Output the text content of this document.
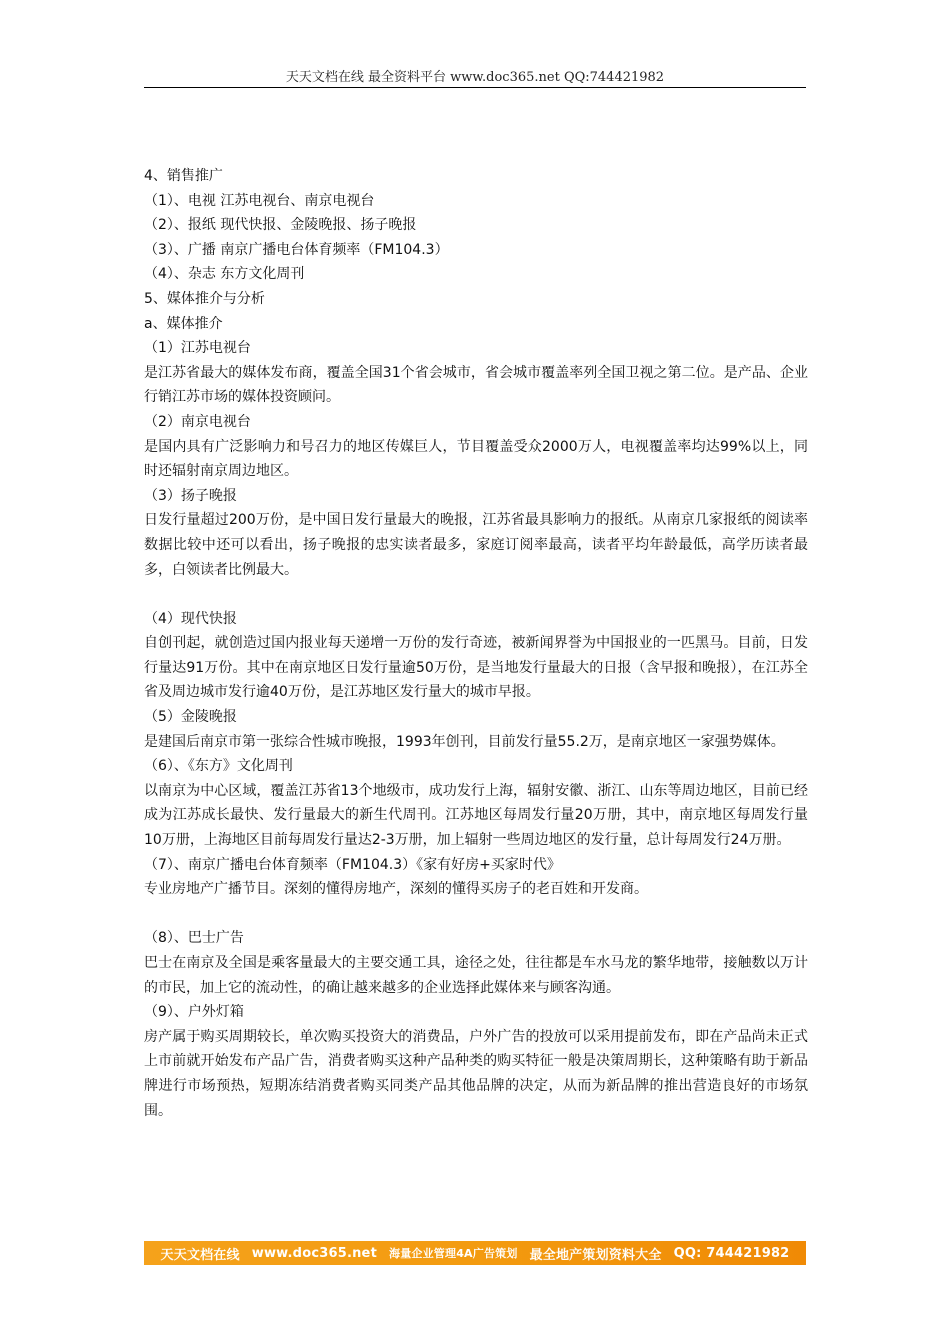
天天文档在线 最全资料平台 www.doc365.net QQ:744421982

4、销售推广

（1）、电视 江苏电视台、南京电视台

（2）、报纸 现代快报、金陵晚报、扬子晚报

（3）、广播 南京广播电台体育频率（FM104.3）

（4）、杂志 东方文化周刊

5、媒体推介与分析

a、媒体推介

（1）江苏电视台

是江苏省最大的媒体发布商，覆盖全国31个省会城市，省会城市覆盖率列全国卫视之第二位。是产品、企业行销江苏市场的媒体投资顾问。

（2）南京电视台

是国内具有广泛影响力和号召力的地区传媒巨人，节目覆盖受众2000万人，电视覆盖率均达99%以上，同时还辐射南京周边地区。

（3）扬子晚报

日发行量超过200万份，是中国日发行量最大的晚报，江苏省最具影响力的报纸。从南京几家报纸的阅读率数据比较中还可以看出，扬子晚报的忠实读者最多，家庭订阅率最高，读者平均年龄最低，高学历读者最多，白领读者比例最大。

（4）现代快报

自创刊起，就创造过国内报业每天递增一万份的发行奇迹，被新闻界誉为中国报业的一匹黑马。目前，日发行量达91万份。其中在南京地区日发行量逾50万份，是当地发行量最大的日报（含早报和晚报），在江苏全省及周边城市发行逾40万份，是江苏地区发行量大的城市早报。

（5）金陵晚报

是建国后南京市第一张综合性城市晚报，1993年创刊，目前发行量55.2万，是南京地区一家强势媒体。

（6）、《东方》文化周刊

以南京为中心区域，覆盖江苏省13个地级市，成功发行上海，辐射安徽、浙江、山东等周边地区，目前已经成为江苏成长最快、发行量最大的新生代周刊。江苏地区每周发行量20万册，其中，南京地区每周发行量10万册，上海地区目前每周发行量达2-3万册，加上辐射一些周边地区的发行量，总计每周发行24万册。

（7）、南京广播电台体育频率（FM104.3）《家有好房+买家时代》

专业房地产广播节目。深刻的懂得房地产，深刻的懂得买房子的老百姓和开发商。

（8）、巴士广告

巴士在南京及全国是乘客量最大的主要交通工具，途径之处，往往都是车水马龙的繁华地带，接触数以万计的市民，加上它的流动性，的确让越来越多的企业选择此媒体来与顾客沟通。

（9）、户外灯箱

房产属于购买周期较长，单次购买投资大的消费品，户外广告的投放可以采用提前发布，即在产品尚未正式上市前就开始发布产品广告，消费者购买这种产品种类的购买特征一般是决策周期长，这种策略有助于新品牌进行市场预热，短期冻结消费者购买同类产品其他品牌的决定，从而为新品牌的推出营造良好的市场氛围。

天天文档在线 www.doc365.net 海量企业管理4A广告策划 最全地产策划资料大全 QQ: 744421982
